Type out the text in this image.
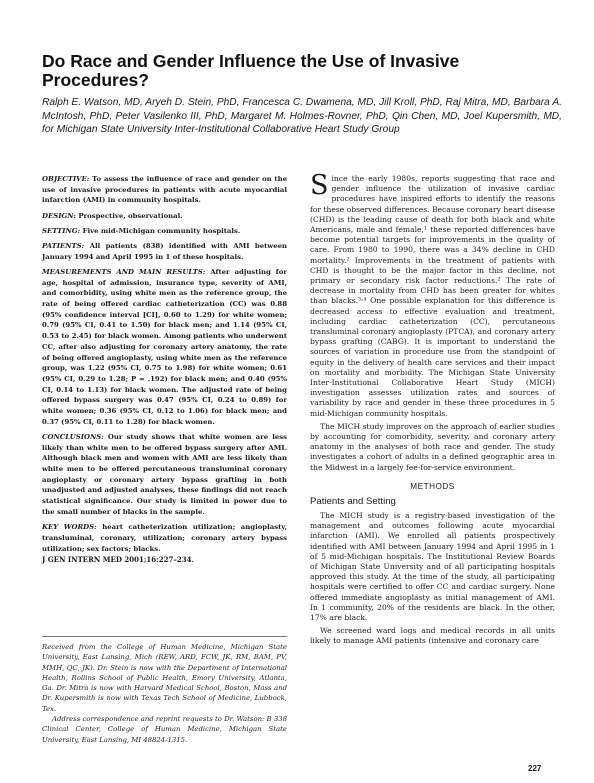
Do Race and Gender Influence the Use of Invasive Procedures?

Ralph E. Watson, MD, Aryeh D. Stein, PhD, Francesca C. Dwamena, MD, Jill Kroll, PhD, Raj Mitra, MD, Barbara A. McIntosh, PhD, Peter Vasilenko III, PhD, Margaret M. Holmes-Rovner, PhD, Qin Chen, MD, Joel Kupersmith, MD, for Michigan State University Inter-Institutional Collaborative Heart Study Group

OBJECTIVE: To assess the influence of race and gender on the use of invasive procedures in patients with acute myocardial infarction (AMI) in community hospitals.

DESIGN: Prospective, observational.

SETTING: Five mid-Michigan community hospitals.

PATIENTS: All patients (838) identified with AMI between January 1994 and April 1995 in 1 of these hospitals.

MEASUREMENTS AND MAIN RESULTS: After adjusting for age, hospital of admission, insurance type, severity of AMI, and comorbidity, using white men as the reference group, the rate of being offered cardiac catheterization (CC) was 0.88 (95% confidence interval [CI], 0.60 to 1.29) for white women; 0.79 (95% CI, 0.41 to 1.50) for black men; and 1.14 (95% CI, 0.53 to 2.45) for black women. Among patients who underwent CC, after also adjusting for coronary artery anatomy, the rate of being offered angioplasty, using white men as the reference group, was 1.22 (95% CI, 0.75 to 1.98) for white women; 0.61 (95% CI, 0.29 to 1.28; P = .192) for black men; and 0.40 (95% CI, 0.14 to 1.13) for black women. The adjusted rate of being offered bypass surgery was 0.47 (95% CI, 0.24 to 0.89) for white women; 0.36 (95% CI, 0.12 to 1.06) for black men; and 0.37 (95% CI, 0.11 to 1.28) for black women.

CONCLUSIONS: Our study shows that white women are less likely than white men to be offered bypass surgery after AMI. Although black men and women with AMI are less likely than white men to be offered percutaneous transluminal coronary angioplasty or coronary artery bypass grafting in both unadjusted and adjusted analyses, these findings did not reach statistical significance. Our study is limited in power due to the small number of blacks in the sample.

KEY WORDS: heart catheterization utilization; angioplasty, transluminal, coronary, utilization; coronary artery bypass utilization; sex factors; blacks.

J GEN INTERN MED 2001;16:227–234.

Received from the College of Human Medicine, Michigan State University, East Lansing, Mich (REW, ARD, FCW, JK, RM, BAM, PV, MMH, QC, JK). Dr. Stein is now with the Department of International Health, Rollins School of Public Health, Emory University, Atlanta, Ga. Dr. Mitra is now with Harvard Medical School, Boston, Mass and Dr. Kupersmith is now with Texas Tech School of Medicine, Lubbock, Tex.

Address correspondence and reprint requests to Dr. Watson: B 338 Clinical Center, College of Human Medicine, Michigan State University, East Lansing, MI 48824-1315.

Since the early 1980s, reports suggesting that race and gender influence the utilization of invasive cardiac procedures have inspired efforts to identify the reasons for these observed differences. Because coronary heart disease (CHD) is the leading cause of death for both black and white Americans, male and female,¹ these reported differences have become potential targets for improvements in the quality of care. From 1980 to 1990, there was a 34% decline in CHD mortality.² Improvements in the treatment of patients with CHD is thought to be the major factor in this decline, not primary or secondary risk factor reductions.² The rate of decrease in mortality from CHD has been greater for whites than blacks.³˒⁴ One possible explanation for this difference is decreased access to effective evaluation and treatment, including cardiac catheterization (CC), percutaneous transluminal coronary angioplasty (PTCA), and coronary artery bypass grafting (CABG). It is important to understand the sources of variation in procedure use from the standpoint of equity in the delivery of health care services and their impact on mortality and morbidity. The Michigan State University Inter-Institutional Collaborative Heart Study (MICH) investigation assesses utilization rates and sources of variability by race and gender in these three procedures in 5 mid-Michigan community hospitals.

The MICH study improves on the approach of earlier studies by accounting for comorbidity, severity, and coronary artery anatomy in the analyses of both race and gender. The study investigates a cohort of adults in a defined geographic area in the Midwest in a largely fee-for-service environment.

METHODS
Patients and Setting

The MICH study is a registry-based investigation of the management and outcomes following acute myocardial infarction (AMI). We enrolled all patients prospectively identified with AMI between January 1994 and April 1995 in 1 of 5 mid-Michigan hospitals. The Institutional Review Boards of Michigan State University and of all participating hospitals approved this study. At the time of the study, all participating hospitals were certified to offer CC and cardiac surgery. None offered immediate angioplasty as initial management of AMI. In 1 community, 20% of the residents are black. In the other, 17% are black.

We screened ward logs and medical records in all units likely to manage AMI patients (intensive and coronary care

227
